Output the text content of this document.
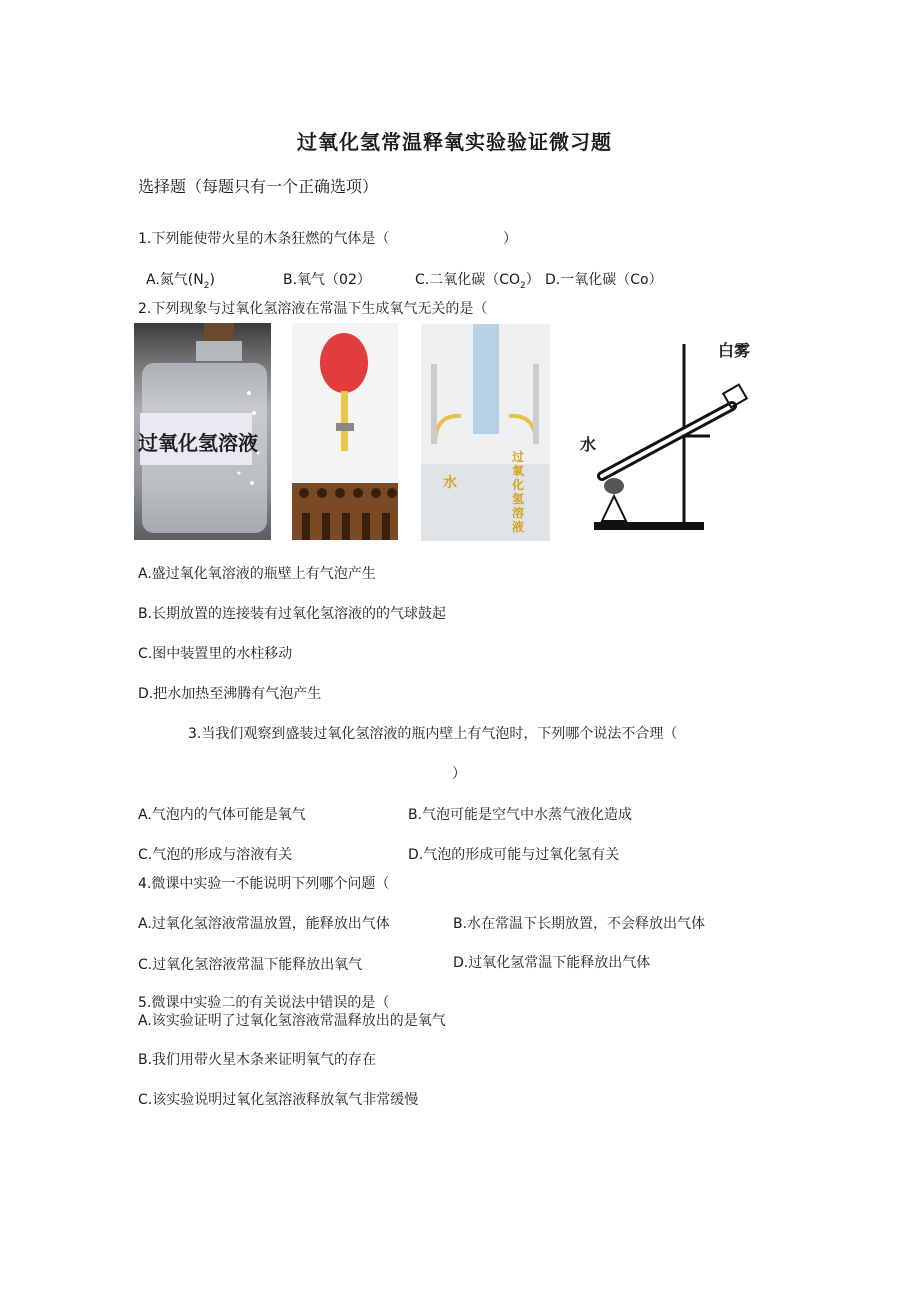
过氧化氢常温释氧实验验证微习题
选择题（每题只有一个正确选项）
1.下列能使带火星的木条狂燃的气体是（	）
A.氮气$(N_2)$	B.氧气（02）	C.二氧化碳$(CO_2)$ D.一氧化碳（Co）
2.下列现象与过氧化氢溶液在常温下生成氧气无关的是（
过氧化氢溶液
水
过氧化氢溶液
水
白雾
A.盛过氧化氧溶液的瓶壁上有气泡产生
B.长期放置的连接装有过氧化氢溶液的的气球鼓起
C.图中装置里的水柱移动
D.把水加热至沸腾有气泡产生
3.当我们观察到盛装过氧化氢溶液的瓶内壁上有气泡时，下列哪个说法不合理（
）
A.气泡内的气体可能是氧气	B.气泡可能是空气中水蒸气液化造成
C.气泡的形成与溶液有关	D.气泡的形成可能与过氧化氢有关
4.微课中实验一不能说明下列哪个问题（
A.过氧化氢溶液常温放置，能释放出气体	B.水在常温下长期放置，不会释放出气体
C.过氧化氢溶液常温下能释放出氧气	D.过氧化氢常温下能释放出气体
5.微课中实验二的有关说法中错误的是（
A.该实验证明了过氧化氢溶液常温释放出的是氧气
B.我们用带火星木条来证明氧气的存在
C.该实验说明过氧化氢溶液释放氧气非常缓慢
